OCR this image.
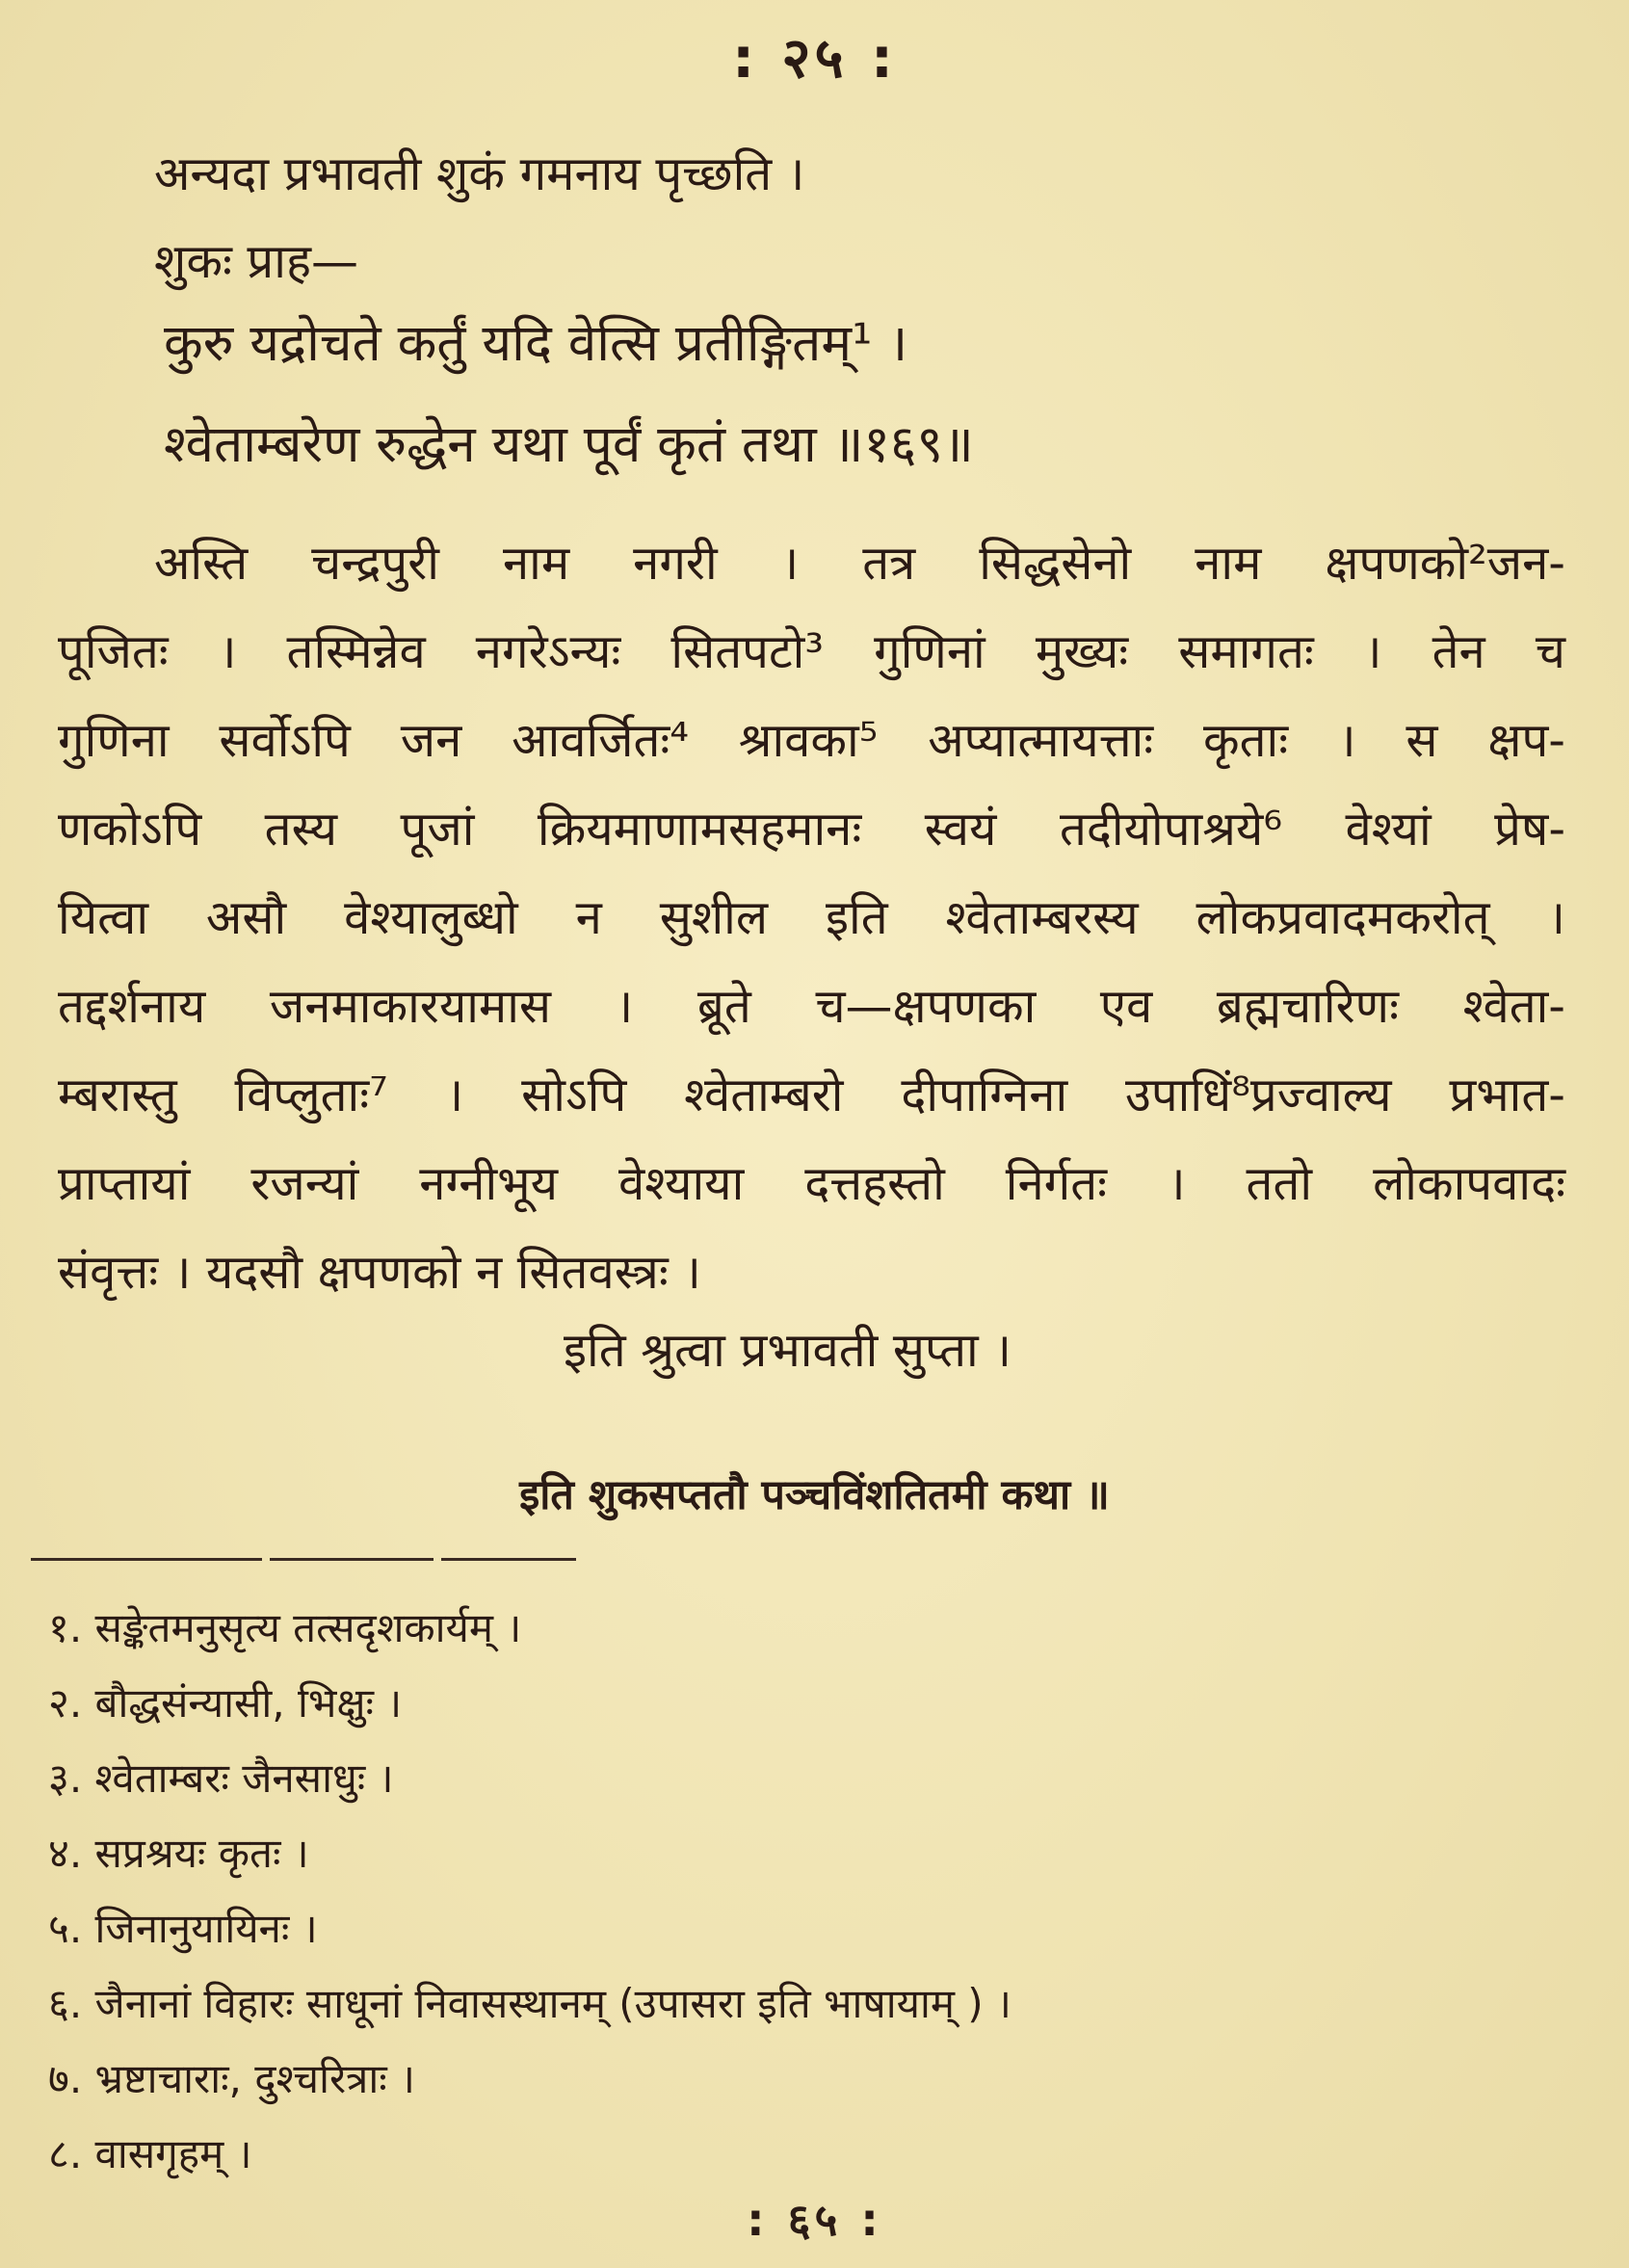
: २५ :
अन्यदा प्रभावती शुकं गमनाय पृच्छति ।
शुकः प्राह—
कुरु यद्रोचते कर्तुं यदि वेत्सि प्रतीङ्गितम्¹ ।
श्वेताम्बरेण रुद्धेन यथा पूर्वं कृतं तथा ॥१६९॥
अस्ति चन्द्रपुरी नाम नगरी । तत्र सिद्धसेनो नाम क्षपणको²जन-
पूजितः । तस्मिन्नेव नगरेऽन्यः सितपटो³ गुणिनां मुख्यः समागतः । तेन च
गुणिना सर्वोऽपि जन आवर्जितः⁴ श्रावका⁵ अप्यात्मायत्ताः कृताः । स क्षप-
णकोऽपि तस्य पूजां क्रियमाणामसहमानः स्वयं तदीयोपाश्रये⁶ वेश्यां प्रेष-
यित्वा असौ वेश्यालुब्धो न सुशील इति श्वेताम्बरस्य लोकप्रवादमकरोत् ।
तद्दर्शनाय जनमाकारयामास । ब्रूते च—क्षपणका एव ब्रह्मचारिणः श्वेता-
म्बरास्तु विप्लुताः⁷ । सोऽपि श्वेताम्बरो दीपाग्निना उपाधिं⁸प्रज्वाल्य प्रभात-
प्राप्तायां रजन्यां नग्नीभूय वेश्याया दत्तहस्तो निर्गतः । ततो लोकापवादः
संवृत्तः । यदसौ क्षपणको न सितवस्त्रः ।
इति श्रुत्वा प्रभावती सुप्ता ।
इति शुकसप्ततौ पञ्चविंशतितमी कथा ॥
१. सङ्केतमनुसृत्य तत्सदृशकार्यम् ।
२. बौद्धसंन्यासी, भिक्षुः ।
३. श्वेताम्बरः जैनसाधुः ।
४. सप्रश्रयः कृतः ।
५. जिनानुयायिनः ।
६. जैनानां विहारः साधूनां निवासस्थानम् (उपासरा इति भाषायाम् ) ।
७. भ्रष्टाचाराः, दुश्चरित्राः ।
८. वासगृहम् ।
: ६५ :
